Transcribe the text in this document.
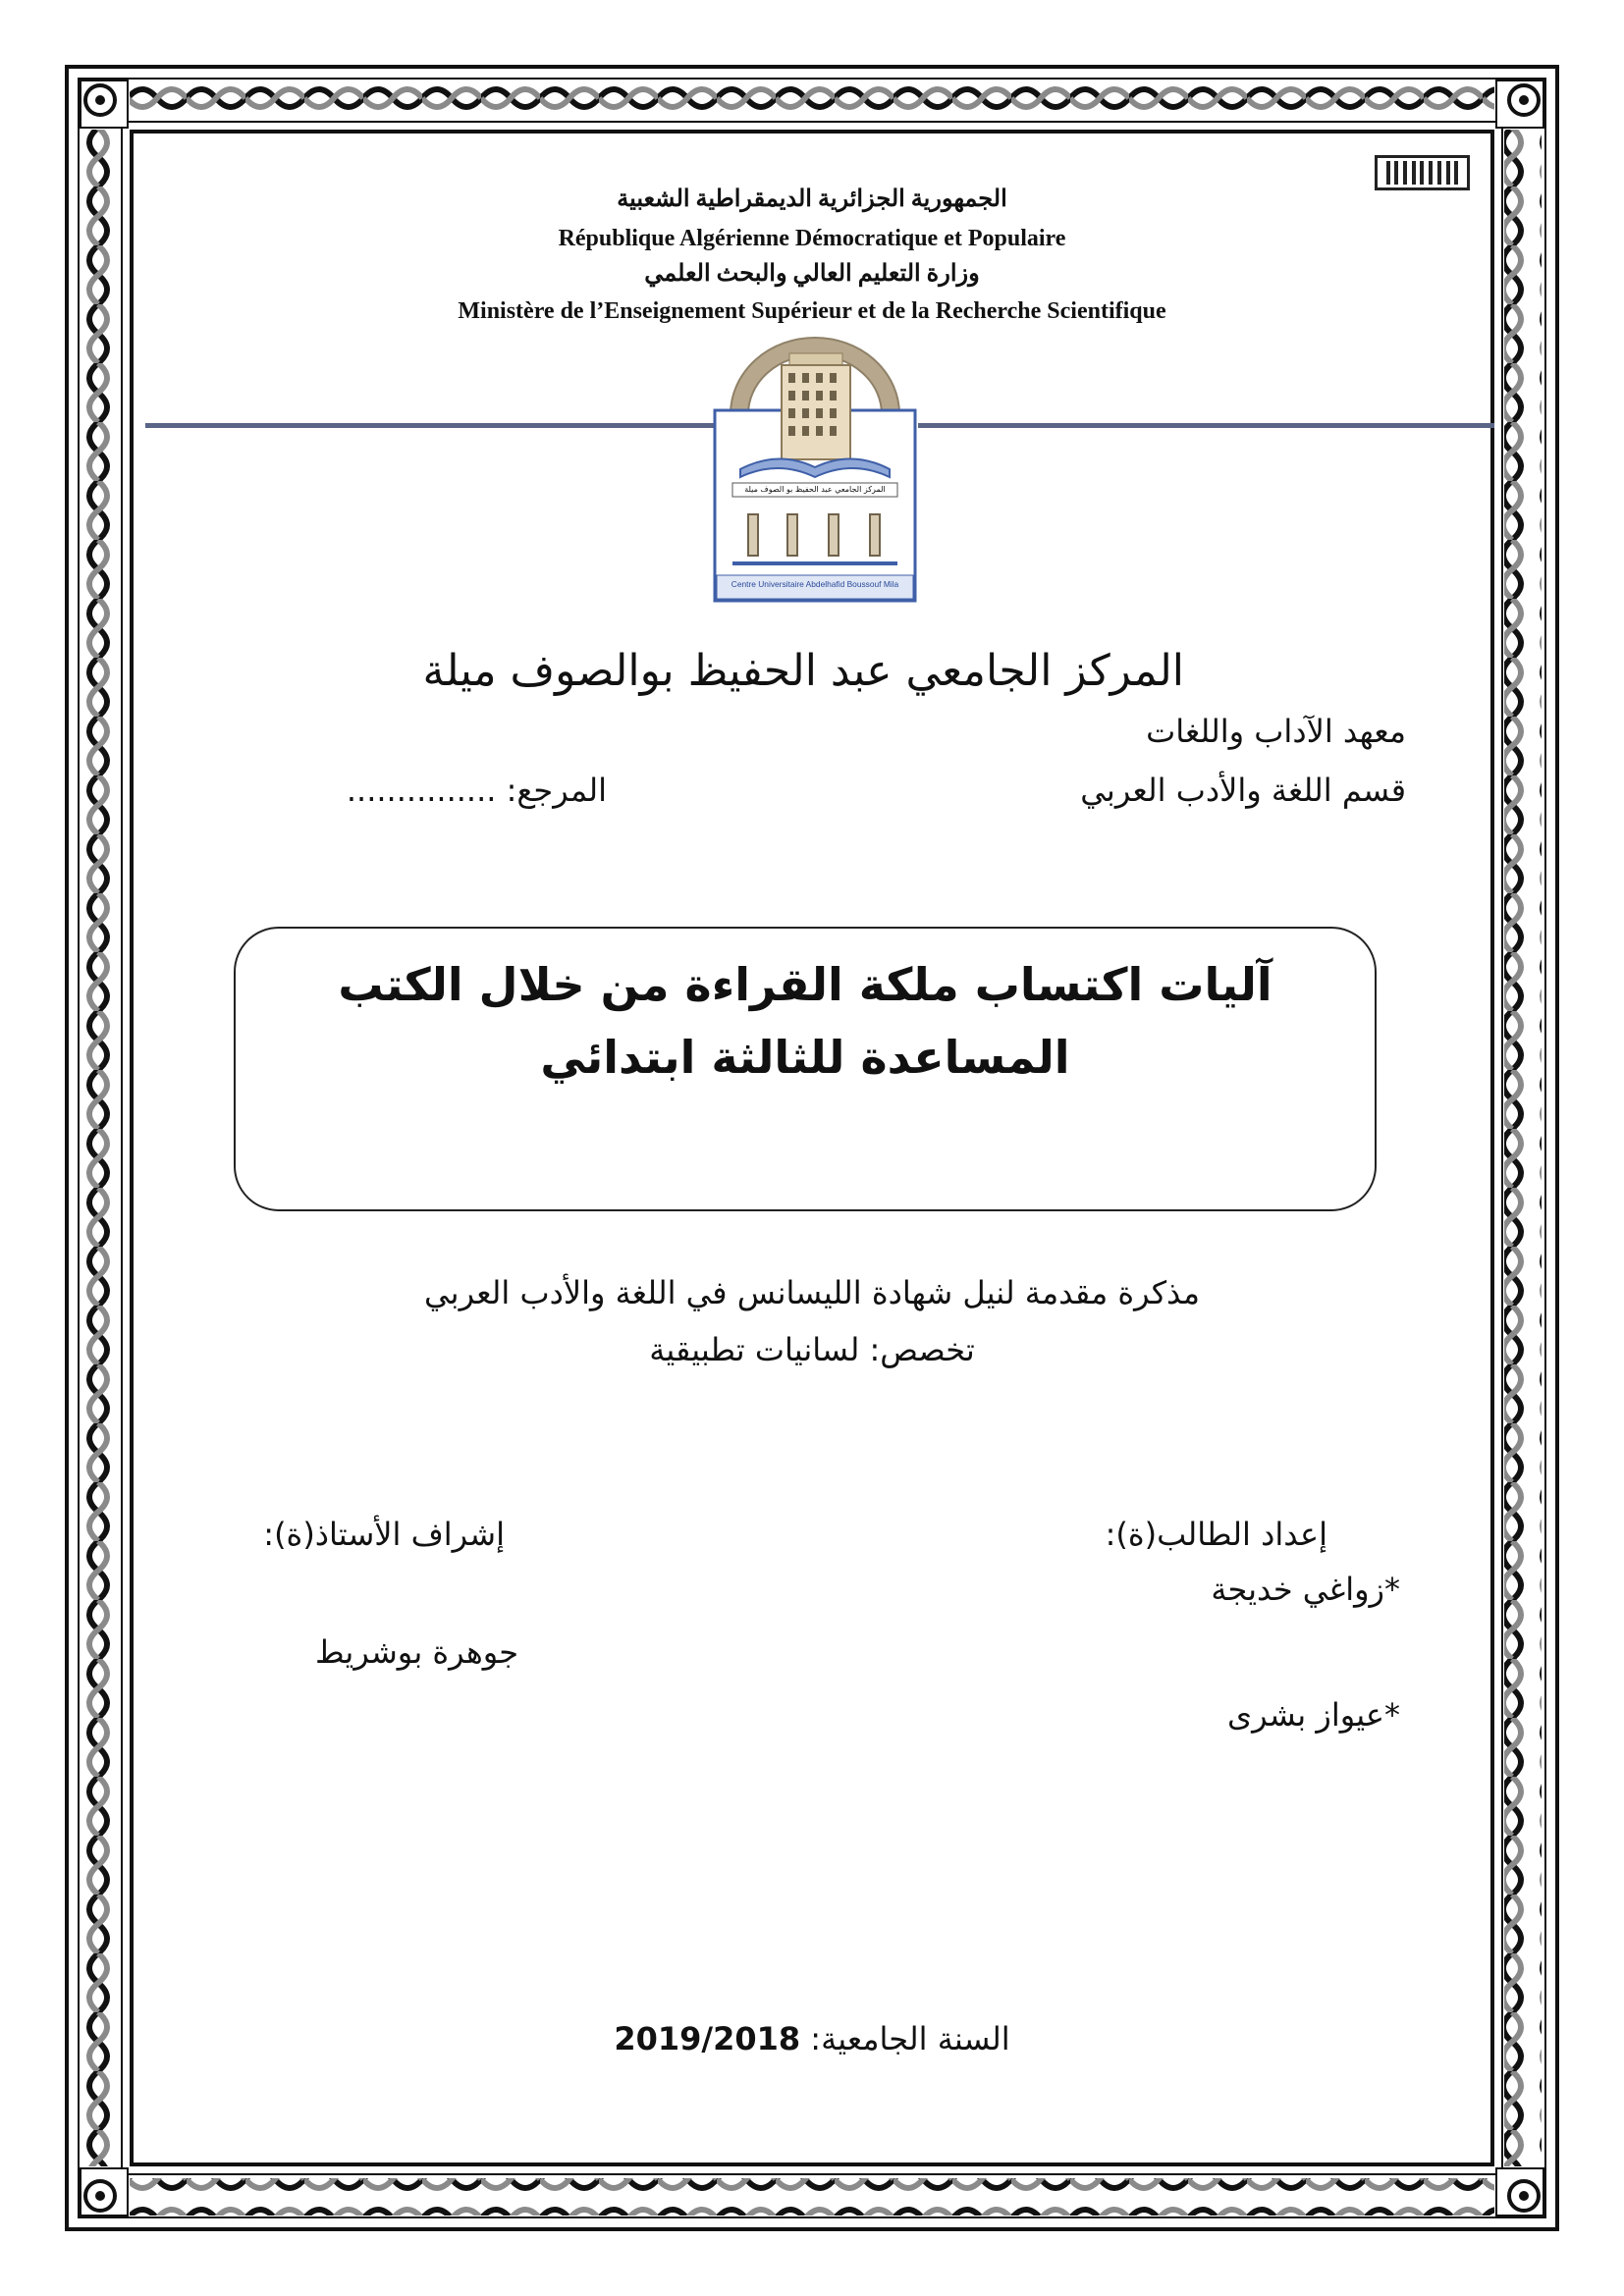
الجمهورية الجزائرية الديمقراطية الشعبية
République Algérienne Démocratique et Populaire
وزارة التعليم العالي والبحث العلمي
Ministère de l’Enseignement Supérieur et de la Recherche Scientifique
المركز الجامعي عبد الحفيظ بو الصوف ميلة
Centre Universitaire Abdelhafid Boussouf Mila
المركز الجامعي عبد الحفيظ بوالصوف ميلة
معهد الآداب واللغات
قسم اللغة والأدب العربي
المرجع: ...............
آليات اكتساب ملكة القراءة من خلال الكتب
المساعدة للثالثة ابتدائي
مذكرة مقدمة لنيل شهادة الليسانس في اللغة والأدب العربي
تخصص: لسانيات تطبيقية
إعداد الطالب(ة):
*زواغي خديجة
*عيواز بشرى
إشراف الأستاذ(ة):
جوهرة بوشريط
السنة الجامعية: 2019/2018
